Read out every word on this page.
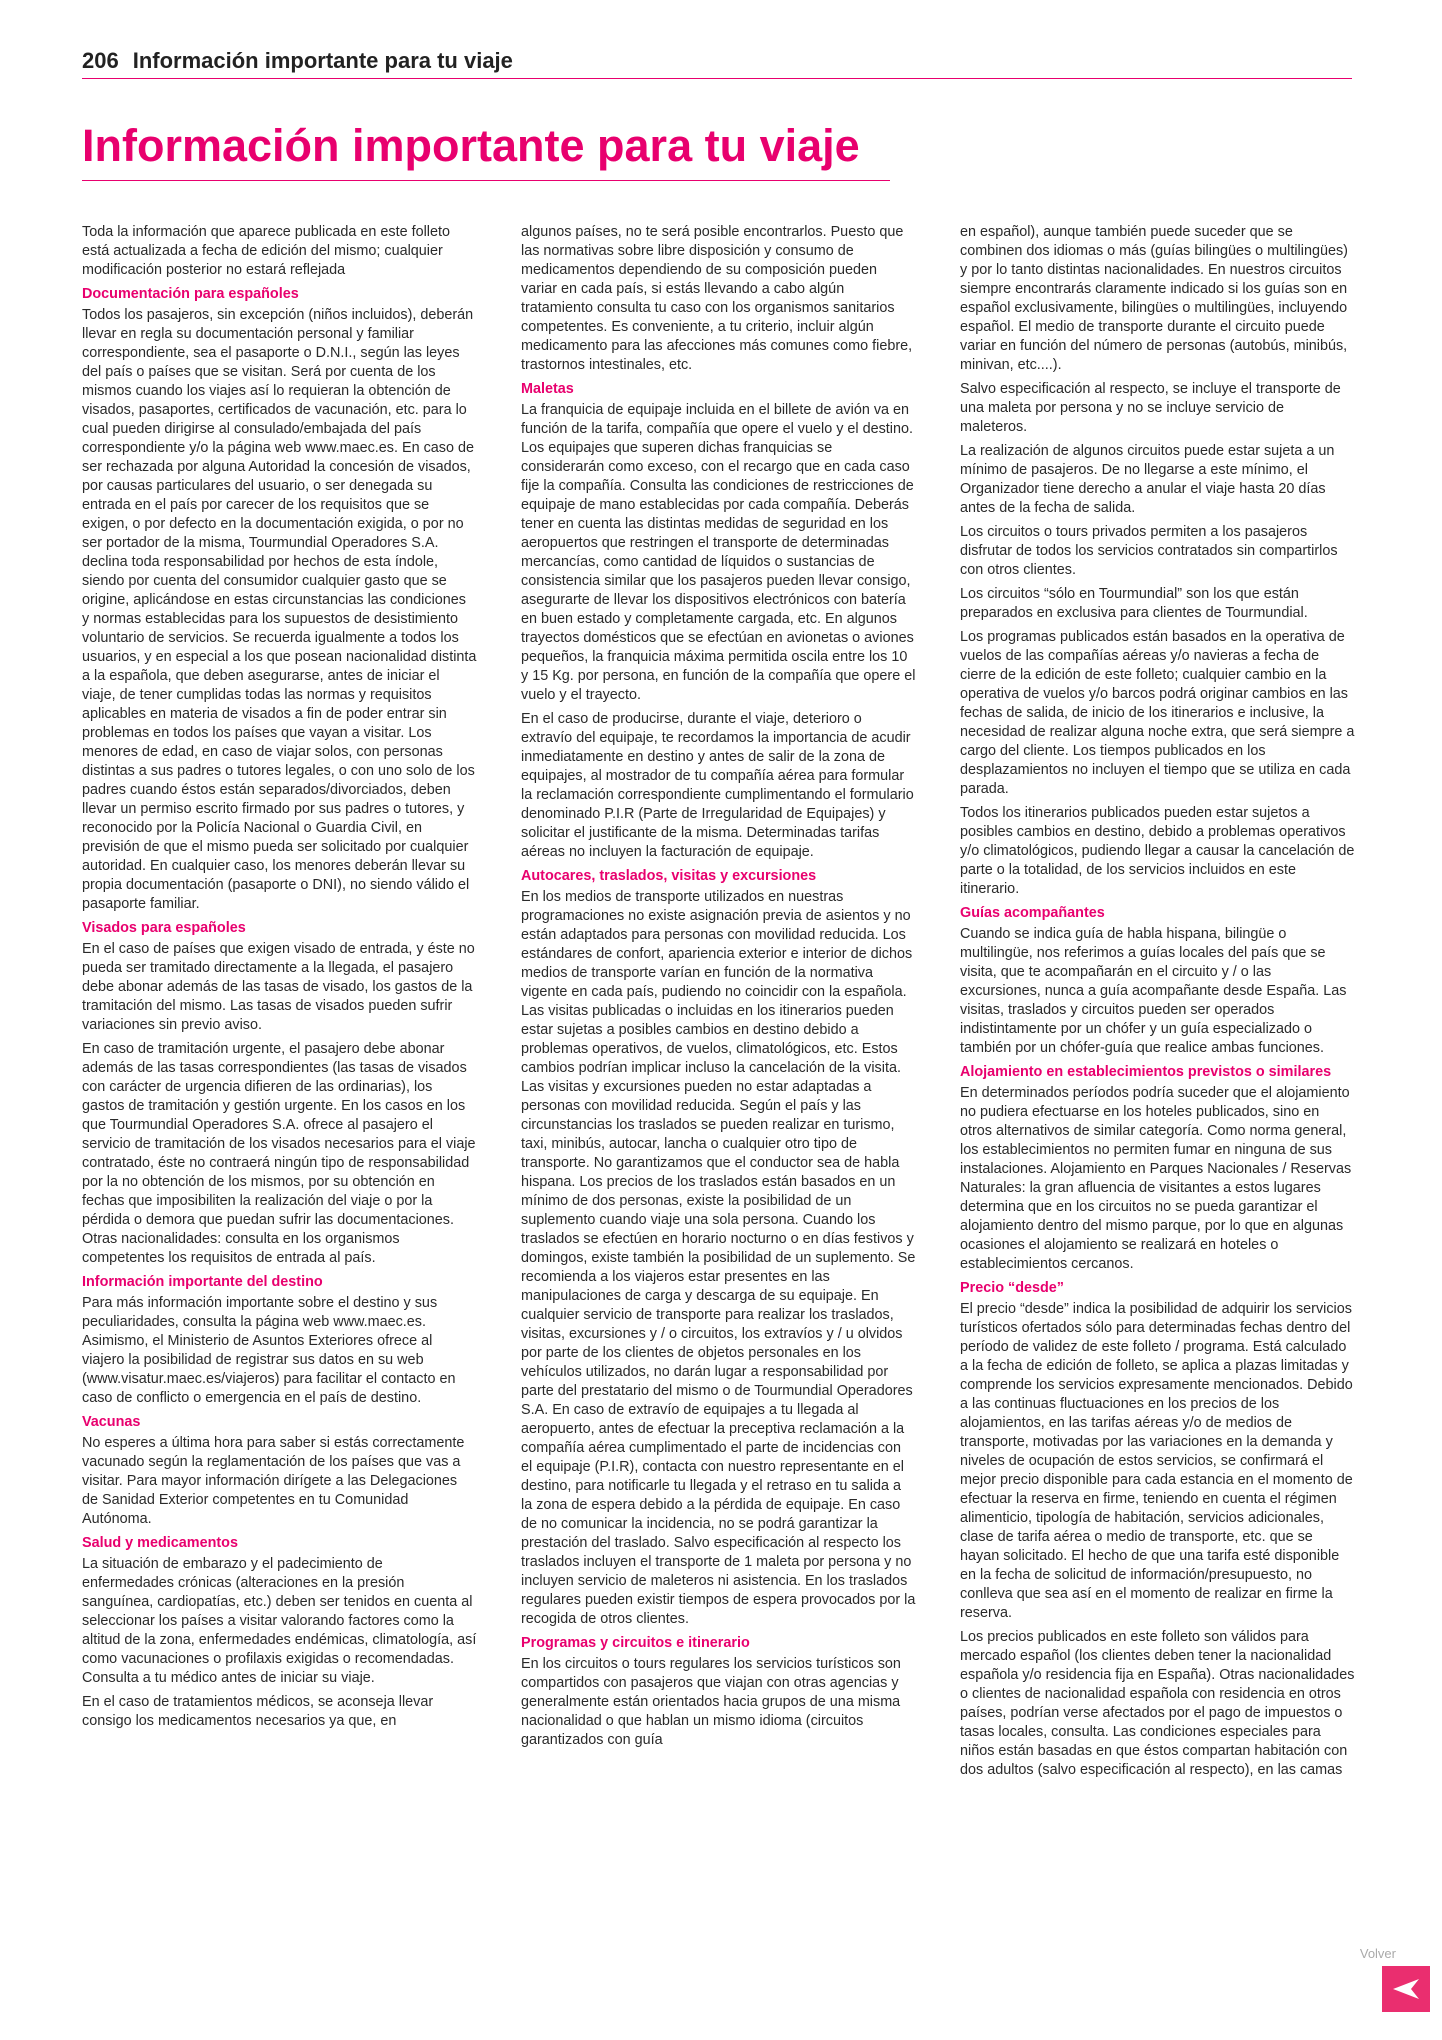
206 Información importante para tu viaje
Información importante para tu viaje

Toda la información que aparece publicada en este folleto está actualizada a fecha de edición del mismo; cualquier modificación posterior no estará reflejada

Documentación para españoles

Todos los pasajeros, sin excepción (niños incluidos), deberán llevar en regla su documentación personal y familiar correspondiente, sea el pasaporte o D.N.I., según las leyes del país o países que se visitan. Será por cuenta de los mismos cuando los viajes así lo requieran la obtención de visados, pasaportes, certificados de vacunación, etc. para lo cual pueden dirigirse al consulado/embajada del país correspondiente y/o la página web www.maec.es. En caso de ser rechazada por alguna Autoridad la concesión de visados, por causas particulares del usuario, o ser denegada su entrada en el país por carecer de los requisitos que se exigen, o por defecto en la documentación exigida, o por no ser portador de la misma, Tourmundial Operadores S.A. declina toda responsabilidad por hechos de esta índole, siendo por cuenta del consumidor cualquier gasto que se origine, aplicándose en estas circunstancias las condiciones y normas establecidas para los supuestos de desistimiento voluntario de servicios. Se recuerda igualmente a todos los usuarios, y en especial a los que posean nacionalidad distinta a la española, que deben asegurarse, antes de iniciar el viaje, de tener cumplidas todas las normas y requisitos aplicables en materia de visados a fin de poder entrar sin problemas en todos los países que vayan a visitar. Los menores de edad, en caso de viajar solos, con personas distintas a sus padres o tutores legales, o con uno solo de los padres cuando éstos están separados/divorciados, deben llevar un permiso escrito firmado por sus padres o tutores, y reconocido por la Policía Nacional o Guardia Civil, en previsión de que el mismo pueda ser solicitado por cualquier autoridad. En cualquier caso, los menores deberán llevar su propia documentación (pasaporte o DNI), no siendo válido el pasaporte familiar.

Visados para españoles

En el caso de países que exigen visado de entrada, y éste no pueda ser tramitado directamente a la llegada, el pasajero debe abonar además de las tasas de visado, los gastos de la tramitación del mismo. Las tasas de visados pueden sufrir variaciones sin previo aviso.

En caso de tramitación urgente, el pasajero debe abonar además de las tasas correspondientes (las tasas de visados con carácter de urgencia difieren de las ordinarias), los gastos de tramitación y gestión urgente. En los casos en los que Tourmundial Operadores S.A. ofrece al pasajero el servicio de tramitación de los visados necesarios para el viaje contratado, éste no contraerá ningún tipo de responsabilidad por la no obtención de los mismos, por su obtención en fechas que imposibiliten la realización del viaje o por la pérdida o demora que puedan sufrir las documentaciones. Otras nacionalidades: consulta en los organismos competentes los requisitos de entrada al país.

Información importante del destino

Para más información importante sobre el destino y sus peculiaridades, consulta la página web www.maec.es. Asimismo, el Ministerio de Asuntos Exteriores ofrece al viajero la posibilidad de registrar sus datos en su web (www.visatur.maec.es/viajeros) para facilitar el contacto en caso de conflicto o emergencia en el país de destino.

Vacunas

No esperes a última hora para saber si estás correctamente vacunado según la reglamentación de los países que vas a visitar. Para mayor información dirígete a las Delegaciones de Sanidad Exterior competentes en tu Comunidad Autónoma.

Salud y medicamentos

La situación de embarazo y el padecimiento de enfermedades crónicas (alteraciones en la presión sanguínea, cardiopatías, etc.) deben ser tenidos en cuenta al seleccionar los países a visitar valorando factores como la altitud de la zona, enfermedades endémicas, climatología, así como vacunaciones o profilaxis exigidas o recomendadas. Consulta a tu médico antes de iniciar su viaje.

En el caso de tratamientos médicos, se aconseja llevar consigo los medicamentos necesarios ya que, en

algunos países, no te será posible encontrarlos. Puesto que las normativas sobre libre disposición y consumo de medicamentos dependiendo de su composición pueden variar en cada país, si estás llevando a cabo algún tratamiento consulta tu caso con los organismos sanitarios competentes. Es conveniente, a tu criterio, incluir algún medicamento para las afecciones más comunes como fiebre, trastornos intestinales, etc.

Maletas

La franquicia de equipaje incluida en el billete de avión va en función de la tarifa, compañía que opere el vuelo y el destino. Los equipajes que superen dichas franquicias se considerarán como exceso, con el recargo que en cada caso fije la compañía. Consulta las condiciones de restricciones de equipaje de mano establecidas por cada compañía. Deberás tener en cuenta las distintas medidas de seguridad en los aeropuertos que restringen el transporte de determinadas mercancías, como cantidad de líquidos o sustancias de consistencia similar que los pasajeros pueden llevar consigo, asegurarte de llevar los dispositivos electrónicos con batería en buen estado y completamente cargada, etc. En algunos trayectos domésticos que se efectúan en avionetas o aviones pequeños, la franquicia máxima permitida oscila entre los 10 y 15 Kg. por persona, en función de la compañía que opere el vuelo y el trayecto.

En el caso de producirse, durante el viaje, deterioro o extravío del equipaje, te recordamos la importancia de acudir inmediatamente en destino y antes de salir de la zona de equipajes, al mostrador de tu compañía aérea para formular la reclamación correspondiente cumplimentando el formulario denominado P.I.R (Parte de Irregularidad de Equipajes) y solicitar el justificante de la misma. Determinadas tarifas aéreas no incluyen la facturación de equipaje.

Autocares, traslados, visitas y excursiones

En los medios de transporte utilizados en nuestras programaciones no existe asignación previa de asientos y no están adaptados para personas con movilidad reducida. Los estándares de confort, apariencia exterior e interior de dichos medios de transporte varían en función de la normativa vigente en cada país, pudiendo no coincidir con la española. Las visitas publicadas o incluidas en los itinerarios pueden estar sujetas a posibles cambios en destino debido a problemas operativos, de vuelos, climatológicos, etc. Estos cambios podrían implicar incluso la cancelación de la visita. Las visitas y excursiones pueden no estar adaptadas a personas con movilidad reducida. Según el país y las circunstancias los traslados se pueden realizar en turismo, taxi, minibús, autocar, lancha o cualquier otro tipo de transporte. No garantizamos que el conductor sea de habla hispana. Los precios de los traslados están basados en un mínimo de dos personas, existe la posibilidad de un suplemento cuando viaje una sola persona. Cuando los traslados se efectúen en horario nocturno o en días festivos y domingos, existe también la posibilidad de un suplemento. Se recomienda a los viajeros estar presentes en las manipulaciones de carga y descarga de su equipaje. En cualquier servicio de transporte para realizar los traslados, visitas, excursiones y / o circuitos, los extravíos y / u olvidos por parte de los clientes de objetos personales en los vehículos utilizados, no darán lugar a responsabilidad por parte del prestatario del mismo o de Tourmundial Operadores S.A. En caso de extravío de equipajes a tu llegada al aeropuerto, antes de efectuar la preceptiva reclamación a la compañía aérea cumplimentado el parte de incidencias con el equipaje (P.I.R), contacta con nuestro representante en el destino, para notificarle tu llegada y el retraso en tu salida a la zona de espera debido a la pérdida de equipaje. En caso de no comunicar la incidencia, no se podrá garantizar la prestación del traslado. Salvo especificación al respecto los traslados incluyen el transporte de 1 maleta por persona y no incluyen servicio de maleteros ni asistencia. En los traslados regulares pueden existir tiempos de espera provocados por la recogida de otros clientes.

Programas y circuitos e itinerario

En los circuitos o tours regulares los servicios turísticos son compartidos con pasajeros que viajan con otras agencias y generalmente están orientados hacia grupos de una misma nacionalidad o que hablan un mismo idioma (circuitos garantizados con guía

en español), aunque también puede suceder que se combinen dos idiomas o más (guías bilingües o multilingües) y por lo tanto distintas nacionalidades. En nuestros circuitos siempre encontrarás claramente indicado si los guías son en español exclusivamente, bilingües o multilingües, incluyendo español. El medio de transporte durante el circuito puede variar en función del número de personas (autobús, minibús, minivan, etc....).

Salvo especificación al respecto, se incluye el transporte de una maleta por persona y no se incluye servicio de maleteros.

La realización de algunos circuitos puede estar sujeta a un mínimo de pasajeros. De no llegarse a este mínimo, el Organizador tiene derecho a anular el viaje hasta 20 días antes de la fecha de salida.

Los circuitos o tours privados permiten a los pasajeros disfrutar de todos los servicios contratados sin compartirlos con otros clientes.

Los circuitos “sólo en Tourmundial” son los que están preparados en exclusiva para clientes de Tourmundial.

Los programas publicados están basados en la operativa de vuelos de las compañías aéreas y/o navieras a fecha de cierre de la edición de este folleto; cualquier cambio en la operativa de vuelos y/o barcos podrá originar cambios en las fechas de salida, de inicio de los itinerarios e inclusive, la necesidad de realizar alguna noche extra, que será siempre a cargo del cliente. Los tiempos publicados en los desplazamientos no incluyen el tiempo que se utiliza en cada parada.

Todos los itinerarios publicados pueden estar sujetos a posibles cambios en destino, debido a problemas operativos y/o climatológicos, pudiendo llegar a causar la cancelación de parte o la totalidad, de los servicios incluidos en este itinerario.

Guías acompañantes

Cuando se indica guía de habla hispana, bilingüe o multilingüe, nos referimos a guías locales del país que se visita, que te acompañarán en el circuito y / o las excursiones, nunca a guía acompañante desde España. Las visitas, traslados y circuitos pueden ser operados indistintamente por un chófer y un guía especializado o también por un chófer-guía que realice ambas funciones.

Alojamiento en establecimientos previstos o similares

En determinados períodos podría suceder que el alojamiento no pudiera efectuarse en los hoteles publicados, sino en otros alternativos de similar categoría. Como norma general, los establecimientos no permiten fumar en ninguna de sus instalaciones. Alojamiento en Parques Nacionales / Reservas Naturales: la gran afluencia de visitantes a estos lugares determina que en los circuitos no se pueda garantizar el alojamiento dentro del mismo parque, por lo que en algunas ocasiones el alojamiento se realizará en hoteles o establecimientos cercanos.

Precio “desde”

El precio “desde” indica la posibilidad de adquirir los servicios turísticos ofertados sólo para determinadas fechas dentro del período de validez de este folleto / programa. Está calculado a la fecha de edición de folleto, se aplica a plazas limitadas y comprende los servicios expresamente mencionados. Debido a las continuas fluctuaciones en los precios de los alojamientos, en las tarifas aéreas y/o de medios de transporte, motivadas por las variaciones en la demanda y niveles de ocupación de estos servicios, se confirmará el mejor precio disponible para cada estancia en el momento de efectuar la reserva en firme, teniendo en cuenta el régimen alimenticio, tipología de habitación, servicios adicionales, clase de tarifa aérea o medio de transporte, etc. que se hayan solicitado. El hecho de que una tarifa esté disponible en la fecha de solicitud de información/presupuesto, no conlleva que sea así en el momento de realizar en firme la reserva.

Los precios publicados en este folleto son válidos para mercado español (los clientes deben tener la nacionalidad española y/o residencia fija en España). Otras nacionalidades o clientes de nacionalidad española con residencia en otros países, podrían verse afectados por el pago de impuestos o tasas locales, consulta. Las condiciones especiales para niños están basadas en que éstos compartan habitación con dos adultos (salvo especificación al respecto), en las camas

Volver
